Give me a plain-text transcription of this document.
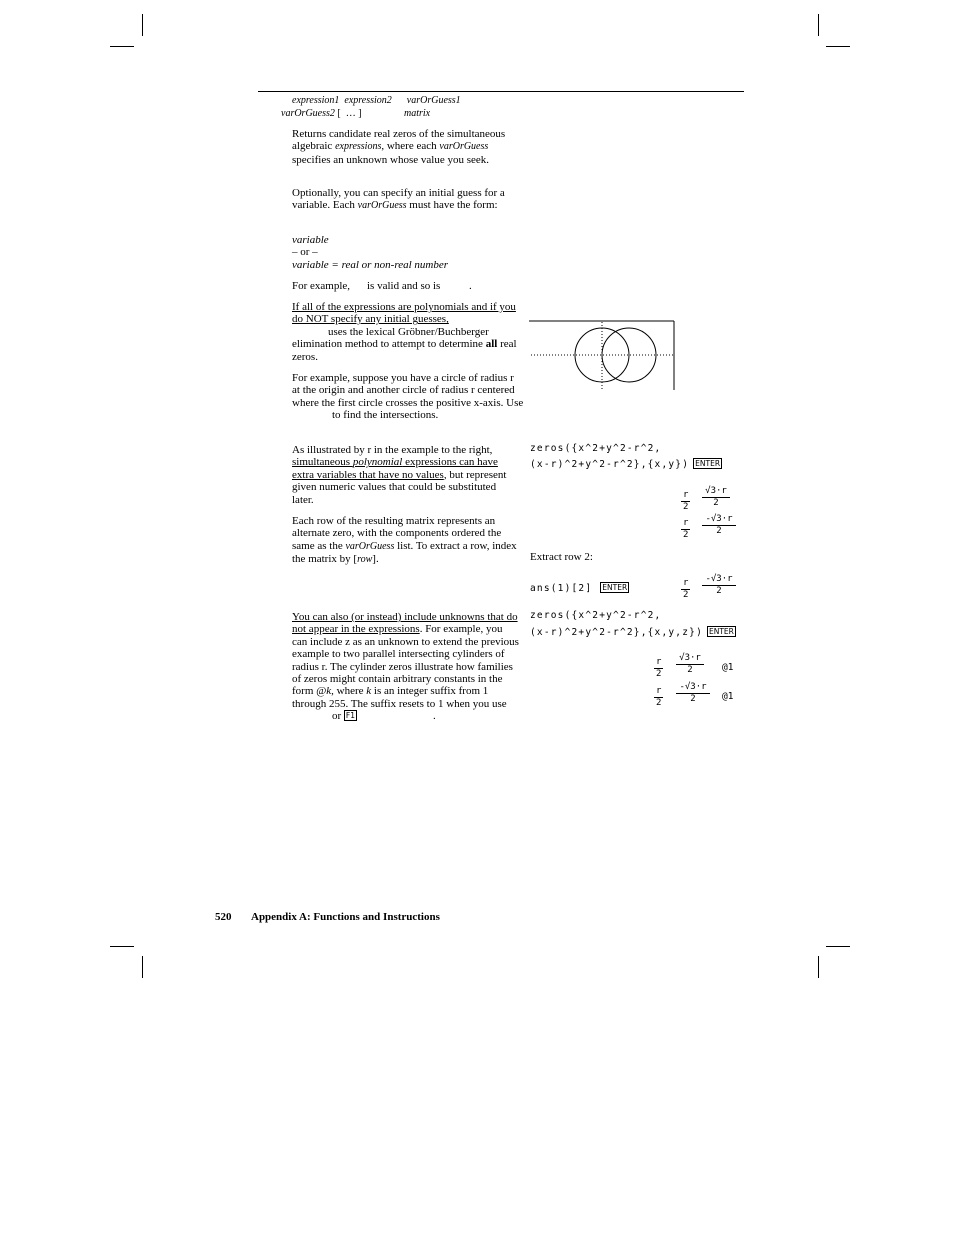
expression1  expression2      varOrGuess1
varOrGuess2 [  … ]	matrix
Returns candidate real zeros of the simultaneous algebraic expressions, where each varOrGuess specifies an unknown whose value you seek.
Optionally, you can specify an initial guess for a variable. Each varOrGuess must have the form:
variable
– or –
variable = real or non-real number
For example, is valid and so is	.
If all of the expressions are polynomials and if you do NOT specify any initial guesses,
uses the lexical Gröbner/Buchberger elimination method to attempt to determine all real zeros.
For example, suppose you have a circle of radius r at the origin and another circle of radius r centered where the first circle crosses the positive x-axis. Useto find the intersections.
As illustrated by r in the example to the right, simultaneous polynomial expressions can have extra variables that have no values, but represent given numeric values that could be substituted later.
Each row of the resulting matrix represents an alternate zero, with the components ordered the same as the varOrGuess list. To extract a row, index the matrix by [row].
You can also (or instead) include unknowns that do not appear in the expressions. For example, you can include z as an unknown to extend the previous example to two parallel intersecting cylinders of radius r. The cylinder zeros illustrate how families of zeros might contain arbitrary constants in the form @k, where k is an integer suffix from 1 through 255. The suffix resets to 1 when you useor F1	.
zeros({x^2+y^2-r^2,
(x-r)^2+y^2-r^2},{x,y}) ENTER
$\frac{r}{2} \frac{√3\cdot r}{2}$
$\frac{r}{2} \frac{-√3\cdot r}{2}$
Extract row 2:
ans(1)[2] ENTER	$\frac{r}{2} \frac{-√3\cdot r}{2}$
zeros({x^2+y^2-r^2,
(x-r)^2+y^2-r^2},{x,y,z}) ENTER
$\frac{r}{2} \frac{√3\cdot r}{2}$ @1
$\frac{r}{2} \frac{-√3\cdot r}{2}$ @1
520 Appendix A: Functions and Instructions
